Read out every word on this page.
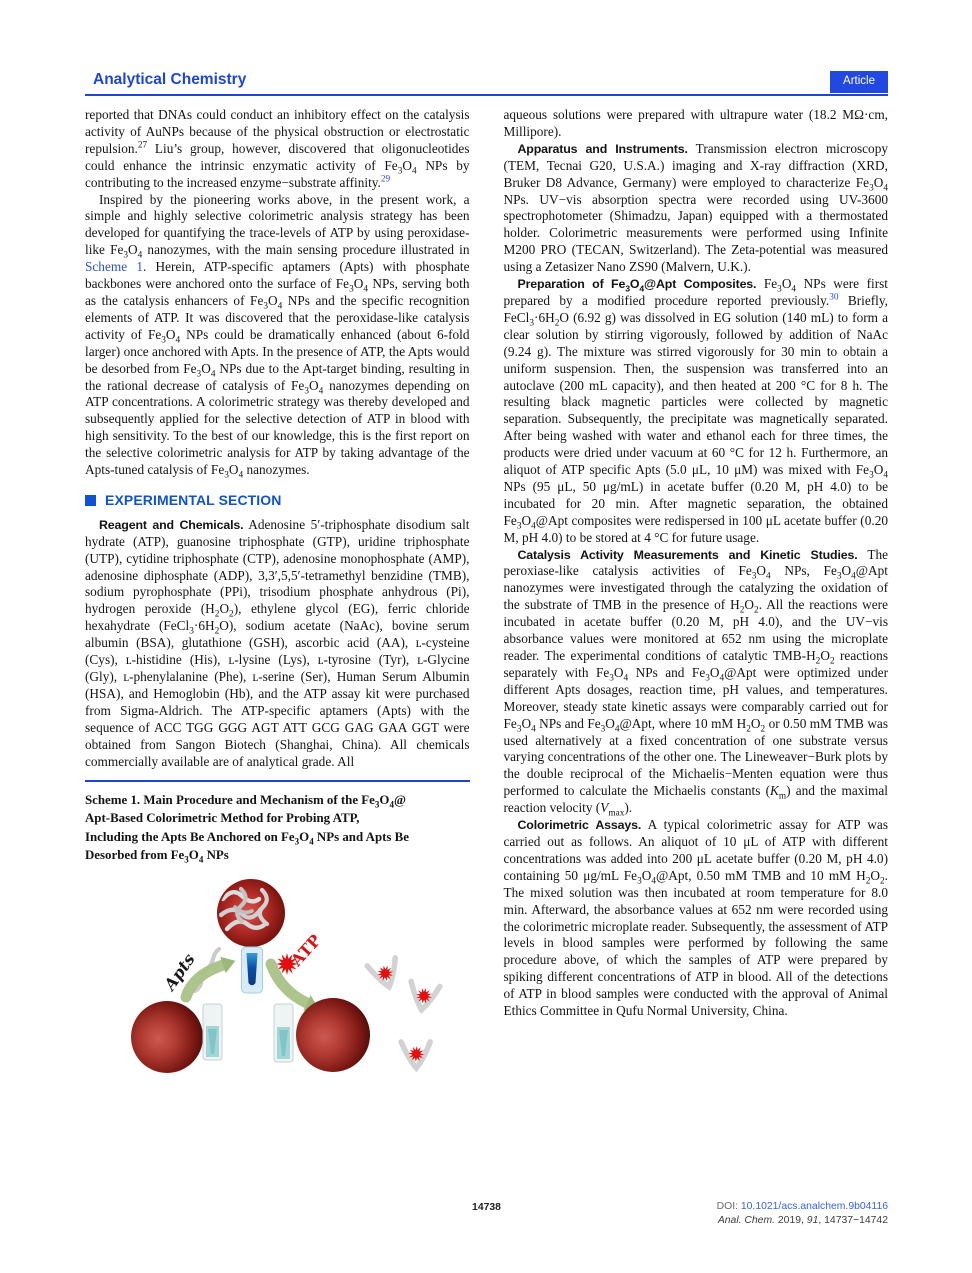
Analytical Chemistry	Article

reported that DNAs could conduct an inhibitory effect on the catalysis activity of AuNPs because of the physical obstruction or electrostatic repulsion.$^{27}$ Liu’s group, however, discovered that oligonucleotides could enhance the intrinsic enzymatic activity of $Fe_3O_4$ NPs by contributing to the increased enzyme−substrate affinity.$^{29}$

Inspired by the pioneering works above, in the present work, a simple and highly selective colorimetric analysis strategy has been developed for quantifying the trace-levels of ATP by using peroxidase-like $Fe_3O_4$ nanozymes, with the main sensing procedure illustrated in Scheme 1. Herein, ATP-specific aptamers (Apts) with phosphate backbones were anchored onto the surface of $Fe_3O_4$ NPs, serving both as the catalysis enhancers of $Fe_3O_4$ NPs and the specific recognition elements of ATP. It was discovered that the peroxidase-like catalysis activity of $Fe_3O_4$ NPs could be dramatically enhanced (about 6-fold larger) once anchored with Apts. In the presence of ATP, the Apts would be desorbed from $Fe_3O_4$ NPs due to the Apt-target binding, resulting in the rational decrease of catalysis of $Fe_3O_4$ nanozymes depending on ATP concentrations. A colorimetric strategy was thereby developed and subsequently applied for the selective detection of ATP in blood with high sensitivity. To the best of our knowledge, this is the first report on the selective colorimetric analysis for ATP by taking advantage of the Apts-tuned catalysis of $Fe_3O_4$ nanozymes.

EXPERIMENTAL SECTION

Reagent and Chemicals. Adenosine 5′-triphosphate disodium salt hydrate (ATP), guanosine triphosphate (GTP), uridine triphosphate (UTP), cytidine triphosphate (CTP), adenosine monophosphate (AMP), adenosine diphosphate (ADP), 3,3′,5,5′-tetramethyl benzidine (TMB), sodium pyrophosphate (PPi), trisodium phosphate anhydrous (Pi), hydrogen peroxide $(H_2O_2)$, ethylene glycol (EG), ferric chloride hexahydrate $(FeCl_3\cdot 6H_2O)$, sodium acetate (NaAc), bovine serum albumin (BSA), glutathione (GSH), ascorbic acid (AA), ʟ-cysteine (Cys), ʟ-histidine (His), ʟ-lysine (Lys), ʟ-tyrosine (Tyr), ʟ-Glycine (Gly), ʟ-phenylalanine (Phe), ʟ-serine (Ser), Human Serum Albumin (HSA), and Hemoglobin (Hb), and the ATP assay kit were purchased from Sigma-Aldrich. The ATP-specific aptamers (Apts) with the sequence of ACC TGG GGG AGT ATT GCG GAG GAA GGT were obtained from Sangon Biotech (Shanghai, China). All chemicals commercially available are of analytical grade. All

Scheme 1. Main Procedure and Mechanism of the $Fe_3O_4@$
Apt-Based Colorimetric Method for Probing ATP,
Including the Apts Be Anchored on $Fe_3O_4$ NPs and Apts Be
Desorbed from $Fe_3O_4$ NPs
Apts	ATP

aqueous solutions were prepared with ultrapure water (18.2 MΩ·cm, Millipore).

Apparatus and Instruments. Transmission electron microscopy (TEM, Tecnai G20, U.S.A.) imaging and X-ray diffraction (XRD, Bruker D8 Advance, Germany) were employed to characterize $Fe_3O_4$ NPs. UV−vis absorption spectra were recorded using UV-3600 spectrophotometer (Shimadzu, Japan) equipped with a thermostated holder. Colorimetric measurements were performed using Infinite M200 PRO (TECAN, Switzerland). The Zeta-potential was measured using a Zetasizer Nano ZS90 (Malvern, U.K.).

Preparation of $Fe_3O_4@Apt$ Composites. $Fe_3O_4$ NPs were first prepared by a modified procedure reported previously.$^{30}$ Briefly, $FeCl_3\cdot 6H_2O$ (6.92 g) was dissolved in EG solution (140 mL) to form a clear solution by stirring vigorously, followed by addition of NaAc (9.24 g). The mixture was stirred vigorously for 30 min to obtain a uniform suspension. Then, the suspension was transferred into an autoclave (200 mL capacity), and then heated at 200 °C for 8 h. The resulting black magnetic particles were collected by magnetic separation. Subsequently, the precipitate was magnetically separated. After being washed with water and ethanol each for three times, the products were dried under vacuum at 60 °C for 12 h. Furthermore, an aliquot of ATP specific Apts (5.0 μL, 10 μM) was mixed with $Fe_3O_4$ NPs (95 μL, 50 μg/mL) in acetate buffer (0.20 M, pH 4.0) to be incubated for 20 min. After magnetic separation, the obtained $Fe_3O_4@Apt$ composites were redispersed in 100 μL acetate buffer (0.20 M, pH 4.0) to be stored at 4 °C for future usage.

Catalysis Activity Measurements and Kinetic Studies. The peroxiase-like catalysis activities of $Fe_3O_4$ NPs, $Fe_3O_4@Apt$ nanozymes were investigated through the catalyzing the oxidation of the substrate of TMB in the presence of $H_2O_2$. All the reactions were incubated in acetate buffer (0.20 M, pH 4.0), and the UV−vis absorbance values were monitored at 652 nm using the microplate reader. The experimental conditions of catalytic TMB-$H_2O_2$ reactions separately with $Fe_3O_4$ NPs and $Fe_3O_4@Apt$ were optimized under different Apts dosages, reaction time, pH values, and temperatures. Moreover, steady state kinetic assays were comparably carried out for $Fe_3O_4$ NPs and $Fe_3O_4@Apt$, where 10 mM $H_2O_2$ or 0.50 mM TMB was used alternatively at a fixed concentration of one substrate versus varying concentrations of the other one. The Lineweaver−Burk plots by the double reciprocal of the Michaelis−Menten equation were thus performed to calculate the Michaelis constants $(K_m)$ and the maximal reaction velocity $(V_{max})$.

Colorimetric Assays. A typical colorimetric assay for ATP was carried out as follows. An aliquot of 10 μL of ATP with different concentrations was added into 200 μL acetate buffer (0.20 M, pH 4.0) containing 50 μg/mL $Fe_3O_4@Apt$, 0.50 mM TMB and 10 mM $H_2O_2$. The mixed solution was then incubated at room temperature for 8.0 min. Afterward, the absorbance values at 652 nm were recorded using the colorimetric microplate reader. Subsequently, the assessment of ATP levels in blood samples were performed by following the same procedure above, of which the samples of ATP were prepared by spiking different concentrations of ATP in blood. All of the detections of ATP in blood samples were conducted with the approval of Animal Ethics Committee in Qufu Normal University, China.

14738	DOI: 10.1021/acs.analchem.9b04116
Anal. Chem. 2019, 91, 14737−14742
